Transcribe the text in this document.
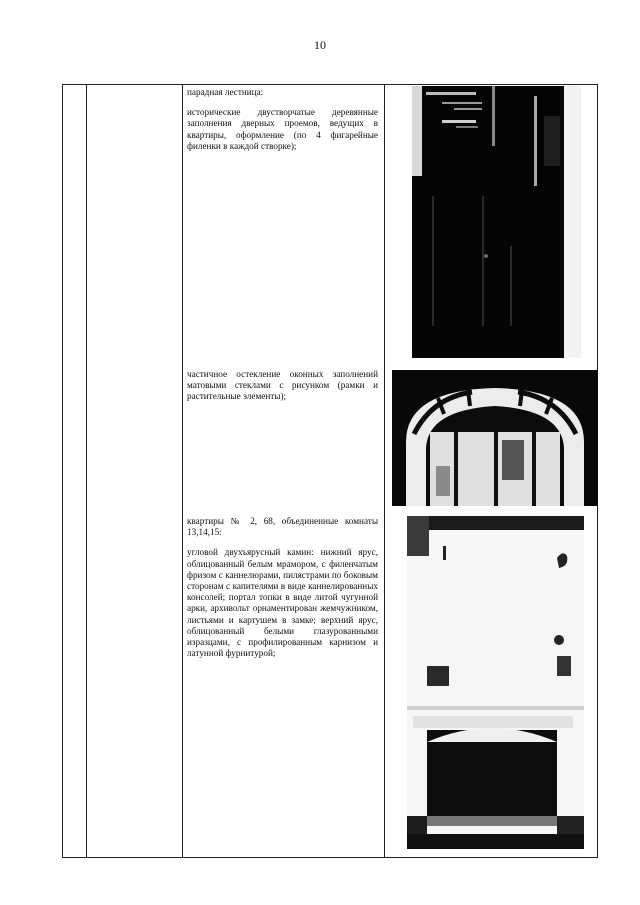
10

парадная лестница:

исторические двустворчатые деревянные заполнения дверных проемов, ведущих в квартиры, оформление (по 4 фигарейные филенки в каждой створке);

частичное остекление оконных заполнений матовыми стеклами с рисунком (рамки и растительные элементы);

квартиры № 2, 68, объединенные комнаты 13,14,15:

угловой двухъярусный камин: нижний ярус, облицованный белым мрамором, с филенчатым фризом с каннелюрами, пилястрами по боковым сторонам с капителями в виде каннелированных консолей; портал топки в виде литой чугунной арки, архивольт орнаментирован жемчужником, листьями и картушем в замке; верхний ярус, облицованный белыми глазурованными изразцами, с профилированным карнизом и латунной фурнитурой;
